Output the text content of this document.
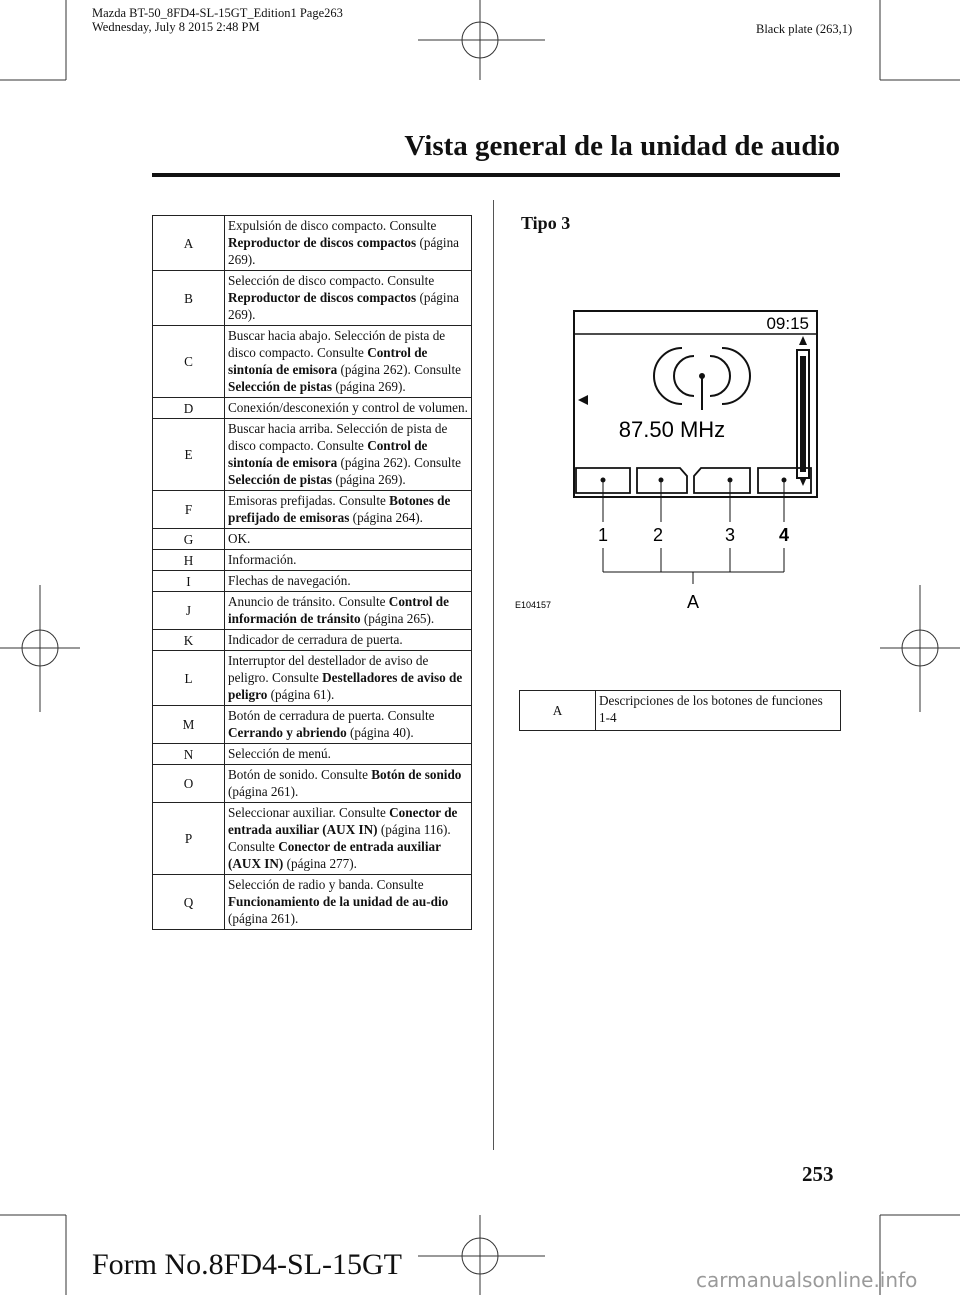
Mazda BT-50_8FD4-SL-15GT_Edition1 Page263
Wednesday, July 8 2015 2:48 PM	Black plate (263,1)
Vista general de la unidad de audio
A	Expulsión de disco compacto. Consulte Reproductor de discos compactos (página 269).
B	Selección de disco compacto. Consulte Reproductor de discos compactos (página 269).
C	Buscar hacia abajo. Selección de pista de disco compacto. Consulte Control de sintonía de emisora (página 262). Consulte Selección de pistas (página 269).
D	Conexión/desconexión y control de volumen.
E	Buscar hacia arriba. Selección de pista de disco compacto. Consulte Control de sintonía de emisora (página 262). Consulte Selección de pistas (página 269).
F	Emisoras prefijadas. Consulte Botones de prefijado de emisoras (página 264).
G	OK.
H	Información.
I	Flechas de navegación.
J	Anuncio de tránsito. Consulte Control de información de tránsito (página 265).
K	Indicador de cerradura de puerta.
L	Interruptor del destellador de aviso de peligro. Consulte Destelladores de aviso de peligro (página 61).
M	Botón de cerradura de puerta. Consulte Cerrando y abriendo (página 40).
N	Selección de menú.
O	Botón de sonido. Consulte Botón de sonido (página 261).
P	Seleccionar auxiliar. Consulte Conector de entrada auxiliar (AUX IN) (página 116). Consulte Conector de entrada auxiliar (AUX IN) (página 277).
Q	Selección de radio y banda. Consulte Funcionamiento de la unidad de au-dio (página 261).
Tipo 3
09:15
87.50 MHz
1 2	3 4
A
E104157
A	Descripciones de los botones de funciones 1-4
253
Form No.8FD4-SL-15GT	carmanualsonline.info
